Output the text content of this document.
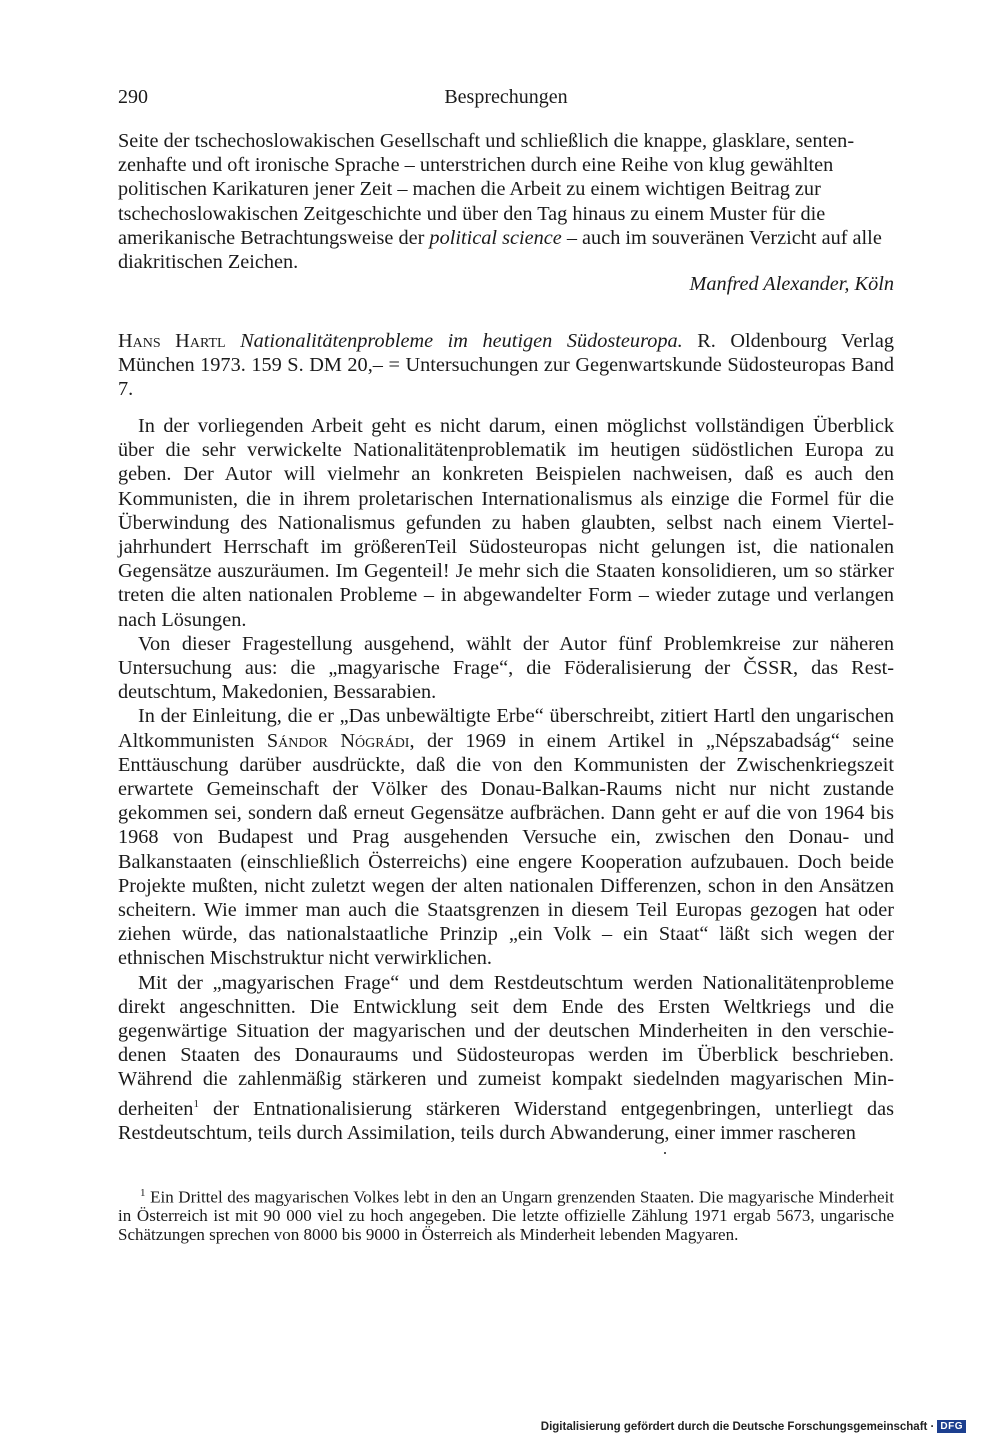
290	Besprechungen
Seite der tschechoslowakischen Gesellschaft und schließlich die knappe, glasklare, senten-
zenhafte und oft ironische Sprache – unterstrichen durch eine Reihe von klug gewählten
politischen Karikaturen jener Zeit – machen die Arbeit zu einem wichtigen Beitrag zur
tschechoslowakischen Zeitgeschichte und über den Tag hinaus zu einem Muster für die
amerikanische Betrachtungsweise der political science – auch im souveränen Verzicht auf alle
diakritischen Zeichen.
Manfred Alexander, Köln

Hans Hartl Nationalitätenprobleme im heutigen Südosteuropa. R. Oldenbourg Verlag München 1973. 159 S. DM 20,– = Untersuchungen zur Gegenwartskunde Südosteuropas Band 7.

In der vorliegenden Arbeit geht es nicht darum, einen möglichst vollständigen Überblick über die sehr verwickelte Nationalitätenproblematik im heutigen südöstlichen Europa zu geben. Der Autor will vielmehr an konkreten Beispielen nachweisen, daß es auch den Kommunisten, die in ihrem proletarischen Internationalismus als einzige die Formel für die Überwindung des Nationalismus gefunden zu haben glaubten, selbst nach einem Vierteljahrhundert Herrschaft im größerenTeil Südosteuropas nicht gelungen ist, die nationalen Gegensätze auszuräumen. Im Gegenteil! Je mehr sich die Staaten konsolidieren, um so stärker treten die alten nationalen Probleme – in abgewandelter Form – wieder zutage und verlangen nach Lösungen.

Von dieser Fragestellung ausgehend, wählt der Autor fünf Problemkreise zur näheren Untersuchung aus: die „magyarische Frage“, die Föderalisierung der ČSSR, das Restdeutschtum, Makedonien, Bessarabien.

In der Einleitung, die er „Das unbewältigte Erbe“ überschreibt, zitiert Hartl den ungarischen Altkommunisten Sándor Nógrádi, der 1969 in einem Artikel in „Népszabadság“ seine Enttäuschung darüber ausdrückte, daß die von den Kommunisten der Zwischenkriegszeit erwartete Gemeinschaft der Völker des Donau-Balkan-Raums nicht nur nicht zustande gekommen sei, sondern daß erneut Gegensätze aufbrächen. Dann geht er auf die von 1964 bis 1968 von Budapest und Prag ausgehenden Versuche ein, zwischen den Donau- und Balkanstaaten (einschließlich Österreichs) eine engere Kooperation aufzubauen. Doch beide Projekte mußten, nicht zuletzt wegen der alten nationalen Differenzen, schon in den Ansätzen scheitern. Wie immer man auch die Staatsgrenzen in diesem Teil Europas gezogen hat oder ziehen würde, das nationalstaatliche Prinzip „ein Volk – ein Staat“ läßt sich wegen der ethnischen Mischstruktur nicht verwirklichen.

Mit der „magyarischen Frage“ und dem Restdeutschtum werden Nationalitätenprobleme direkt angeschnitten. Die Entwicklung seit dem Ende des Ersten Weltkriegs und die gegenwärtige Situation der magyarischen und der deutschen Minderheiten in den verschiedenen Staaten des Donauraums und Südosteuropas werden im Überblick beschrieben. Während die zahlenmäßig stärkeren und zumeist kompakt siedelnden magyarischen Minderheiten$^1$ der Entnationalisierung stärkeren Widerstand entgegenbringen, unterliegt das Restdeutschtum, teils durch Assimilation, teils durch Abwanderung, einer immer rascheren

$^1$ Ein Drittel des magyarischen Volkes lebt in den an Ungarn grenzenden Staaten. Die magyarische Minderheit in Österreich ist mit 90 000 viel zu hoch angegeben. Die letzte offizielle Zählung 1971 ergab 5673, ungarische Schätzungen sprechen von 8000 bis 9000 in Österreich als Minderheit lebenden Magyaren.
Digitalisierung gefördert durch die Deutsche Forschungsgemeinschaft · DFG
